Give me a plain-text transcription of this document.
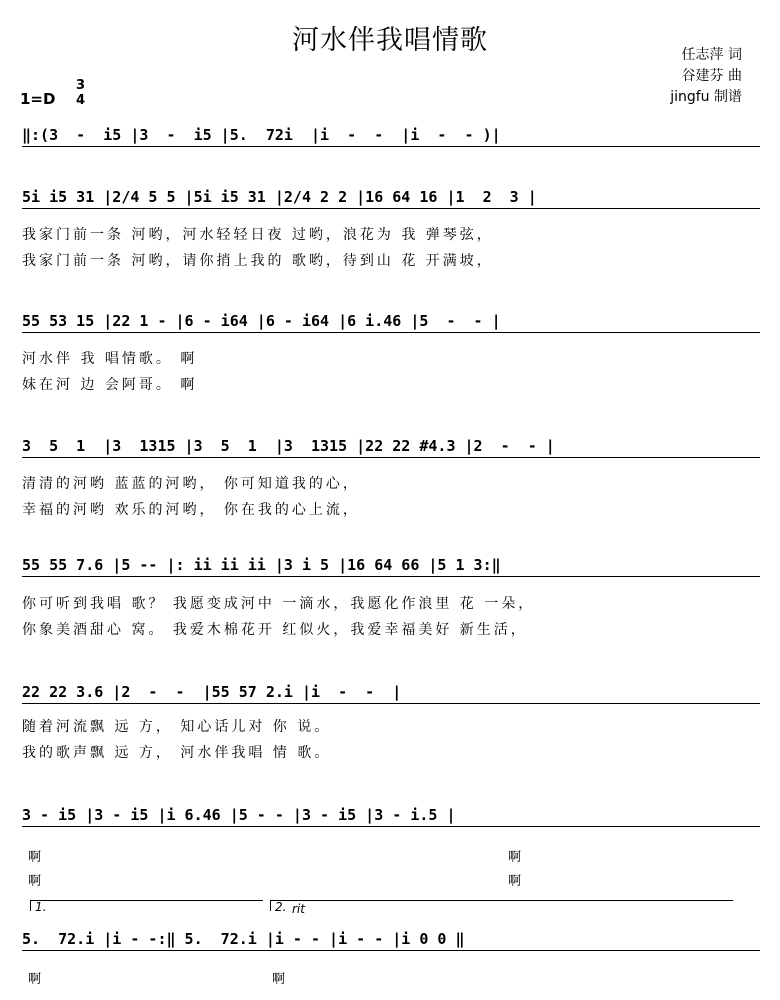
河水伴我唱情歌	任志萍 词
谷建芬 曲
jingfu 制谱
1=D
3
4
‖:(3  -  i5 |3  -  i5 |5.  72i  |i  -  -  |i  -  - )|
5i i5 31 |2/4 5 5 |5i i5 31 |2/4 2 2 |16 64 16 |1  2  3 |
我家门前一条 河哟，河水轻轻日夜 过哟，浪花为 我 弹琴弦，
我家门前一条 河哟，请你捎上我的 歌哟，待到山 花 开满坡，
55 53 15 |22 1 - |6 - i64 |6 - i64 |6 i.46 |5  -  - |
河水伴 我 唱情歌。 啊
妹在河 边 会阿哥。 啊
3  5  1  |3  1315 |3  5  1  |3  1315 |22 22 #4.3 |2  -  - |
清清的河哟 蓝蓝的河哟， 你可知道我的心，
幸福的河哟 欢乐的河哟， 你在我的心上流，
55 55 7.6 |5 -- |: ii ii ii |3 i 5 |16 64 66 |5 1 3:‖
你可听到我唱 歌？ 我愿变成河中 一滴水，我愿化作浪里 花 一朵，
你象美酒甜心 窝。 我爱木棉花开 红似火，我爱幸福美好 新生活，
22 22 3.6 |2  -  -  |55 57 2.i |i  -  -  |
随着河流飘 远 方， 知心话儿对 你 说。
我的歌声飘 远 方， 河水伴我唱 情 歌。
3 - i5 |3 - i5 |i 6.46 |5 - - |3 - i5 |3 - i.5 |
啊
啊
啊
啊
1.	2. rit
5.  72.i |i - -:‖ 5.  72.i |i - - |i - - |i 0 0 ‖
啊	啊
